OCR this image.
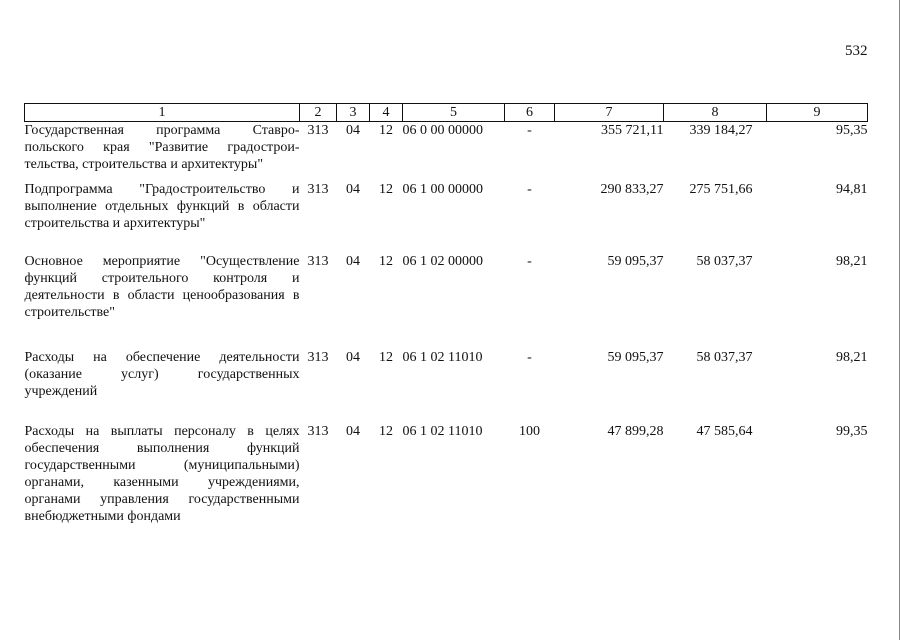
532
1	2	3	4	5	6	7	8	9
Государственная программа Ставро-польского края "Развитие градострои-тельства, строительства и архитектуры"	313	04	12	06 0 00 00000	-	355 721,11	339 184,27	95,35
Подпрограмма "Градостроительство и выполнение отдельных функций в области строительства и архитектуры"	313	04	12	06 1 00 00000	-	290 833,27	275 751,66	94,81
Основное мероприятие "Осуществление функций строительного контроля и деятельности в области ценообразования в строительстве"	313	04	12	06 1 02 00000	-	59 095,37	58 037,37	98,21
Расходы на обеспечение деятельности (оказание услуг) государственных учреждений	313	04	12	06 1 02 11010	-	59 095,37	58 037,37	98,21
Расходы на выплаты персоналу в целях обеспечения выполнения функций государственными (муниципальными) органами, казенными учреждениями, органами управления государственными внебюджетными фондами	313	04	12	06 1 02 11010	100	47 899,28	47 585,64	99,35
